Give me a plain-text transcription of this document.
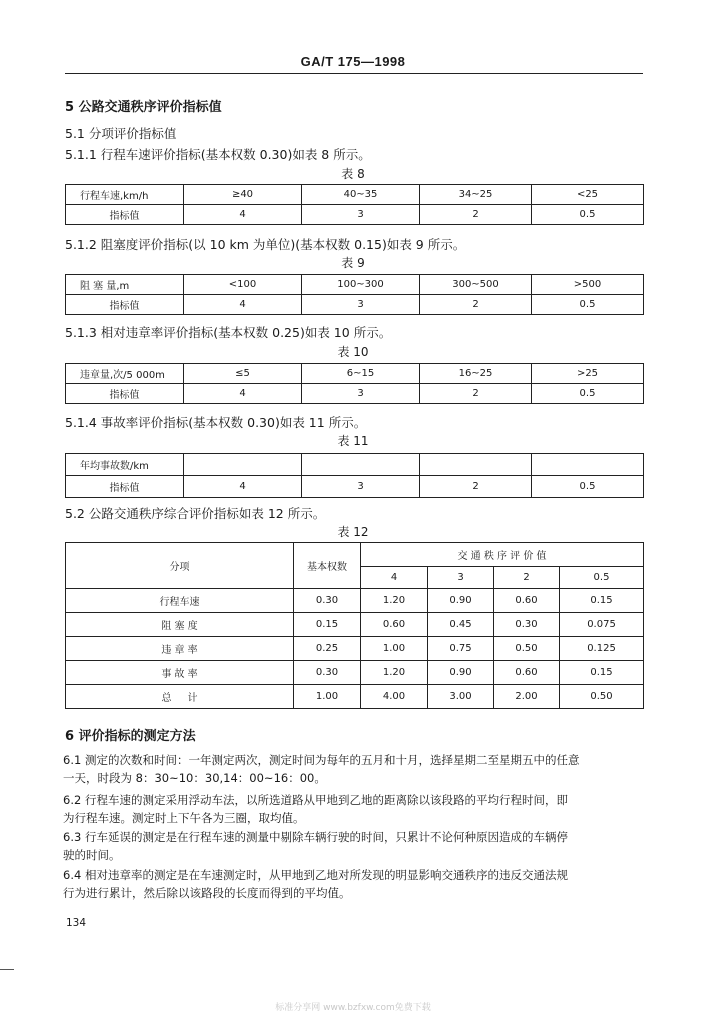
GA/T 175—1998
5 公路交通秩序评价指标值
5.1 分项评价指标值
5.1.1 行程车速评价指标(基本权数 0.30)如表 8 所示。
表 8
行程车速,km/h	≥40	40~35	34~25	<25
指标值	4	3	2	0.5
5.1.2 阻塞度评价指标(以 10 km 为单位)(基本权数 0.15)如表 9 所示。
表 9
阻 塞 量,m	<100	100~300	300~500	>500
指标值	4	3	2	0.5
5.1.3 相对违章率评价指标(基本权数 0.25)如表 10 所示。
表 10
违章量,次/5 000m	≤5	6~15	16~25	>25
指标值	4	3	2	0.5
5.1.4 事故率评价指标(基本权数 0.30)如表 11 所示。
表 11
年均事故数/km				
指标值	4	3	2	0.5
5.2 公路交通秩序综合评价指标如表 12 所示。
表 12
分项	基本权数	交 通 秩 序 评 价 值			
		4	3	2	0.5
行程车速	0.30	1.20	0.90	0.60	0.15
阻 塞 度	0.15	0.60	0.45	0.30	0.075
违 章 率	0.25	1.00	0.75	0.50	0.125
事 故 率	0.30	1.20	0.90	0.60	0.15
总     计	1.00	4.00	3.00	2.00	0.50
6 评价指标的测定方法
6.1 测定的次数和时间：一年测定两次，测定时间为每年的五月和十月，选择星期二至星期五中的任意
一天，时段为 8：30~10：30,14：00~16：00。
6.2 行程车速的测定采用浮动车法，以所选道路从甲地到乙地的距离除以该段路的平均行程时间，即
为行程车速。测定时上下午各为三圈，取均值。
6.3 行车延误的测定是在行程车速的测量中剔除车辆行驶的时间，只累计不论何种原因造成的车辆停
驶的时间。
6.4 相对违章率的测定是在车速测定时，从甲地到乙地对所发现的明显影响交通秩序的违反交通法规
行为进行累计，然后除以该路段的长度而得到的平均值。
134
标准分享网 www.bzfxw.com免费下载
